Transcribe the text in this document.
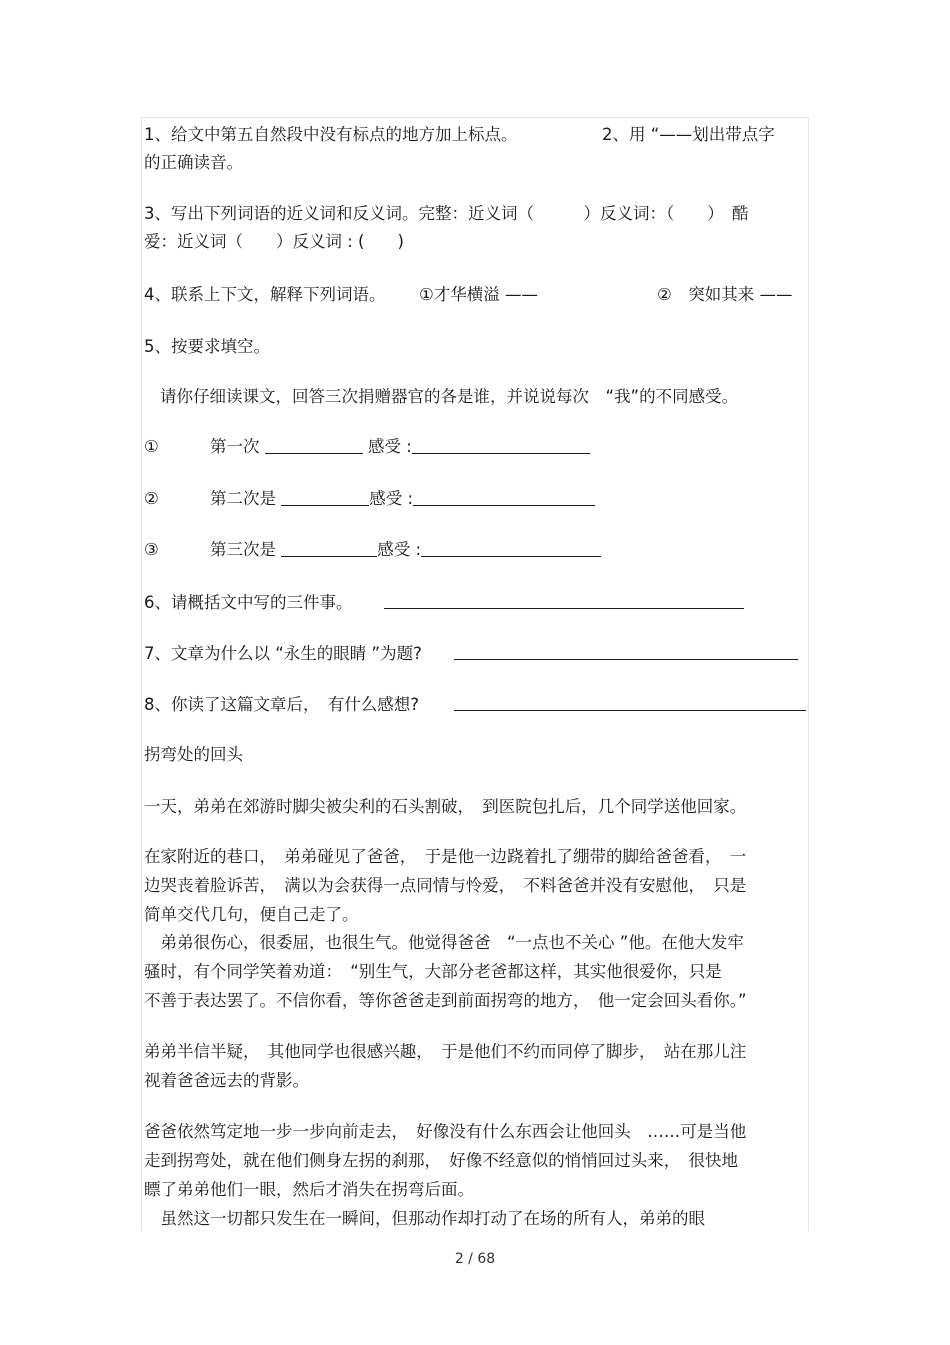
1、给文中第五自然段中没有标点的地方加上标点。	2、用 “——划出带点字
的正确读音。
3、写出下列词语的近义词和反义词。完整：近义词（　　　）反义词：（　　）　酷
爱：近义词（　　）反义词 : (　　)
4、联系上下文，解释下列词语。 ①才华横溢 ——	②　突如其来 ——
5、按要求填空。
请你仔细读课文，回答三次捐赠器官的各是谁，并说说每次　“我”的不同感受。
①	第一次	感受 :
②	第二次是	感受 :
③	第三次是	感受 :
6、请概括文中写的三件事。
7、文章为什么以 “永生的眼睛 ”为题?
8、你读了这篇文章后，　有什么感想?
拐弯处的回头
一天，弟弟在郊游时脚尖被尖利的石头割破，　到医院包扎后，几个同学送他回家。
在家附近的巷口，　弟弟碰见了爸爸，　于是他一边跷着扎了绷带的脚给爸爸看，　一
边哭丧着脸诉苦，　满以为会获得一点同情与怜爱，　不料爸爸并没有安慰他，　只是
简单交代几句，便自己走了。
　弟弟很伤心，很委屈，也很生气。他觉得爸爸　“一点也不关心 ”他。在他大发牢
骚时，有个同学笑着劝道：　“别生气，大部分老爸都这样，其实他很爱你，只是
不善于表达罢了。不信你看，等你爸爸走到前面拐弯的地方，　他一定会回头看你。”
弟弟半信半疑，　其他同学也很感兴趣，　于是他们不约而同停了脚步，　站在那儿注
视着爸爸远去的背影。
爸爸依然笃定地一步一步向前走去，　好像没有什么东西会让他回头　……可是当他
走到拐弯处，就在他们侧身左拐的刹那，　好像不经意似的悄悄回过头来，　很快地
瞟了弟弟他们一眼，然后才消失在拐弯后面。
　虽然这一切都只发生在一瞬间，但那动作却打动了在场的所有人，弟弟的眼
2 / 68
